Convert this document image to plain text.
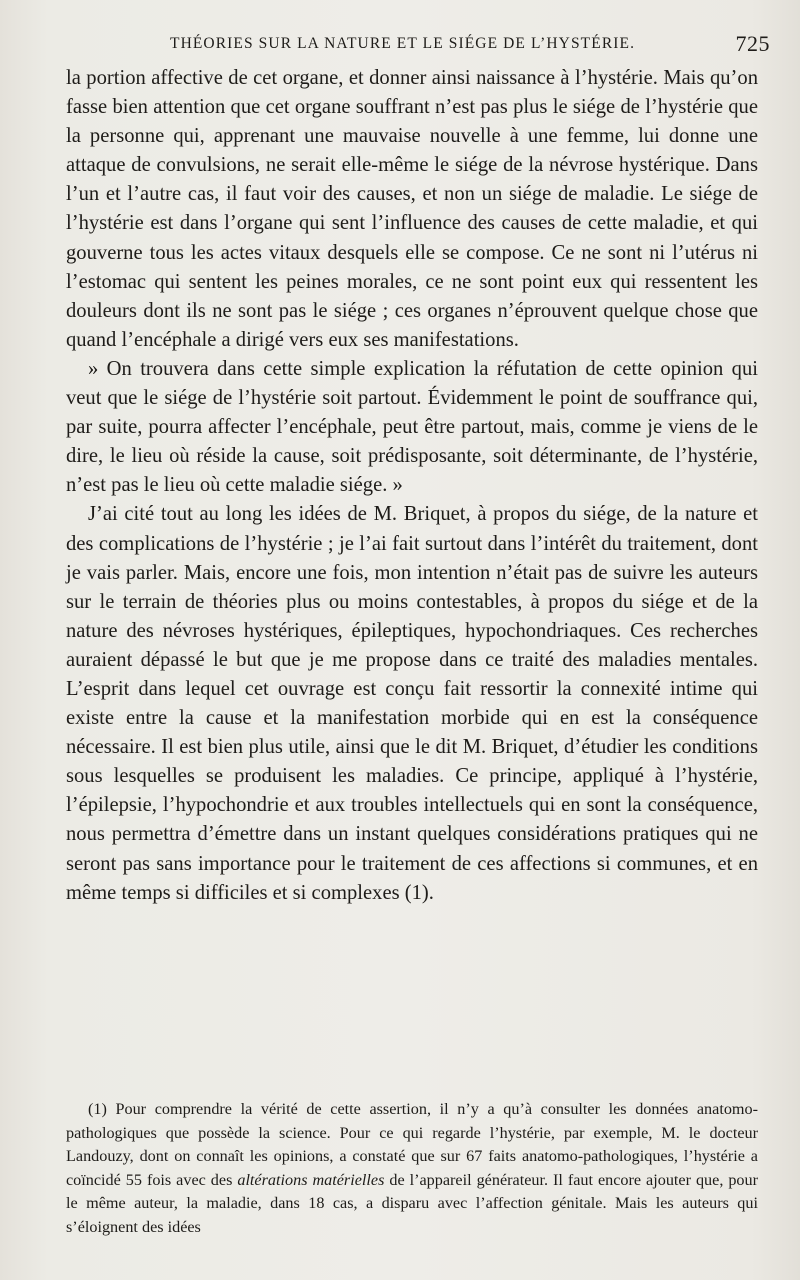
THÉORIES SUR LA NATURE ET LE SIÉGE DE L’HYSTÉRIE.	725

la portion affective de cet organe, et donner ainsi naissance à l’hystérie. Mais qu’on fasse bien attention que cet organe souffrant n’est pas plus le siége de l’hystérie que la personne qui, apprenant une mauvaise nouvelle à une femme, lui donne une attaque de convulsions, ne serait elle-même le siége de la névrose hystérique. Dans l’un et l’autre cas, il faut voir des causes, et non un siége de maladie. Le siége de l’hystérie est dans l’organe qui sent l’influence des causes de cette maladie, et qui gouverne tous les actes vitaux desquels elle se compose. Ce ne sont ni l’utérus ni l’estomac qui sentent les peines morales, ce ne sont point eux qui ressentent les douleurs dont ils ne sont pas le siége ; ces organes n’éprouvent quelque chose que quand l’encéphale a dirigé vers eux ses manifestations.

» On trouvera dans cette simple explication la réfutation de cette opinion qui veut que le siége de l’hystérie soit partout. Évidemment le point de souffrance qui, par suite, pourra affecter l’encéphale, peut être partout, mais, comme je viens de le dire, le lieu où réside la cause, soit prédisposante, soit déterminante, de l’hystérie, n’est pas le lieu où cette maladie siége. »

J’ai cité tout au long les idées de M. Briquet, à propos du siége, de la nature et des complications de l’hystérie ; je l’ai fait surtout dans l’intérêt du traitement, dont je vais parler. Mais, encore une fois, mon intention n’était pas de suivre les auteurs sur le terrain de théories plus ou moins contestables, à propos du siége et de la nature des névroses hystériques, épileptiques, hypochondriaques. Ces recherches auraient dépassé le but que je me propose dans ce traité des maladies mentales. L’esprit dans lequel cet ouvrage est conçu fait ressortir la connexité intime qui existe entre la cause et la manifestation morbide qui en est la conséquence nécessaire. Il est bien plus utile, ainsi que le dit M. Briquet, d’étudier les conditions sous lesquelles se produisent les maladies. Ce principe, appliqué à l’hystérie, l’épilepsie, l’hypochondrie et aux troubles intellectuels qui en sont la conséquence, nous permettra d’émettre dans un instant quelques considérations pratiques qui ne seront pas sans importance pour le traitement de ces affections si communes, et en même temps si difficiles et si complexes (1).

(1) Pour comprendre la vérité de cette assertion, il n’y a qu’à consulter les données anatomo-pathologiques que possède la science. Pour ce qui regarde l’hystérie, par exemple, M. le docteur Landouzy, dont on connaît les opinions, a constaté que sur 67 faits anatomo-pathologiques, l’hystérie a coïncidé 55 fois avec des altérations matérielles de l’appareil générateur. Il faut encore ajouter que, pour le même auteur, la maladie, dans 18 cas, a disparu avec l’affection génitale. Mais les auteurs qui s’éloignent des idées
